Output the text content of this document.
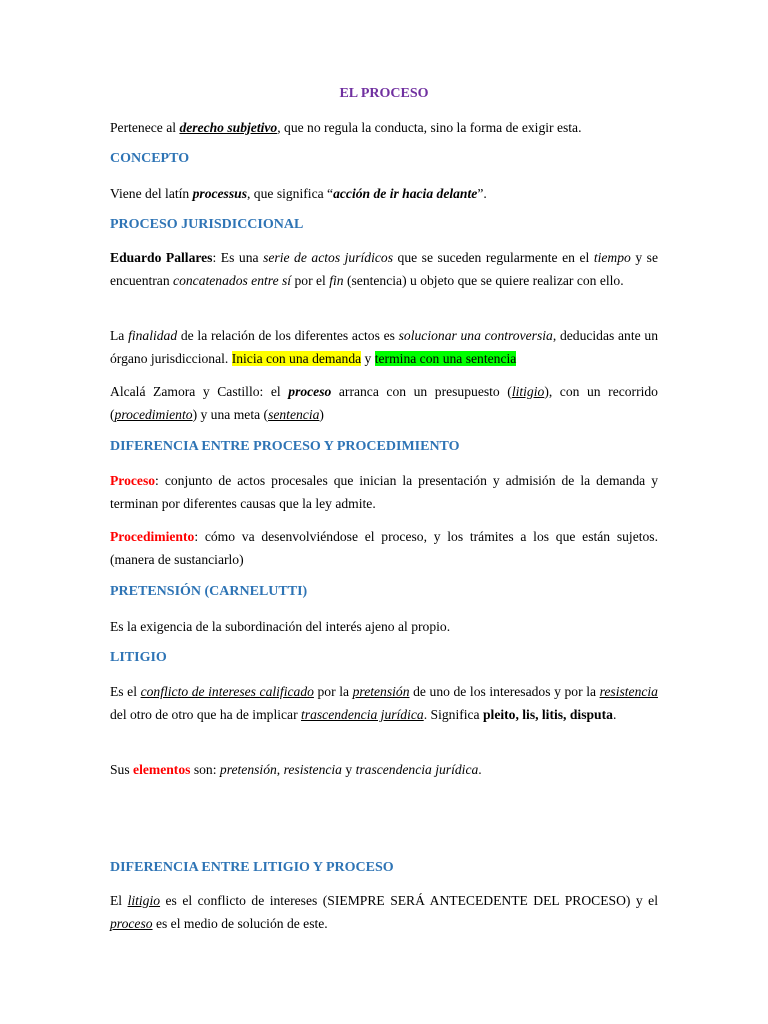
EL PROCESO

Pertenece al derecho subjetivo, que no regula la conducta, sino la forma de exigir esta.

CONCEPTO

Viene del latín processus, que significa “acción de ir hacia delante”.

PROCESO JURISDICCIONAL

Eduardo Pallares: Es una serie de actos jurídicos que se suceden regularmente en el tiempo y se encuentran concatenados entre sí por el fin (sentencia) u objeto que se quiere realizar con ello.

La finalidad de la relación de los diferentes actos es solucionar una controversia, deducidas ante un órgano jurisdiccional. Inicia con una demanda y termina con una sentencia

Alcalá Zamora y Castillo: el proceso arranca con un presupuesto (litigio), con un recorrido (procedimiento) y una meta (sentencia)

DIFERENCIA ENTRE PROCESO Y PROCEDIMIENTO

Proceso: conjunto de actos procesales que inician la presentación y admisión de la demanda y terminan por diferentes causas que la ley admite.

Procedimiento: cómo va desenvolviéndose el proceso, y los trámites a los que están sujetos. (manera de sustanciarlo)

PRETENSIÓN (CARNELUTTI)

Es la exigencia de la subordinación del interés ajeno al propio.

LITIGIO

Es el conflicto de intereses calificado por la pretensión de uno de los interesados y por la resistencia del otro de otro que ha de implicar trascendencia jurídica. Significa pleito, lis, litis, disputa.

Sus elementos son: pretensión, resistencia y trascendencia jurídica.

DIFERENCIA ENTRE LITIGIO Y PROCESO

El litigio es el conflicto de intereses (SIEMPRE SERÁ ANTECEDENTE DEL PROCESO) y el proceso es el medio de solución de este.
